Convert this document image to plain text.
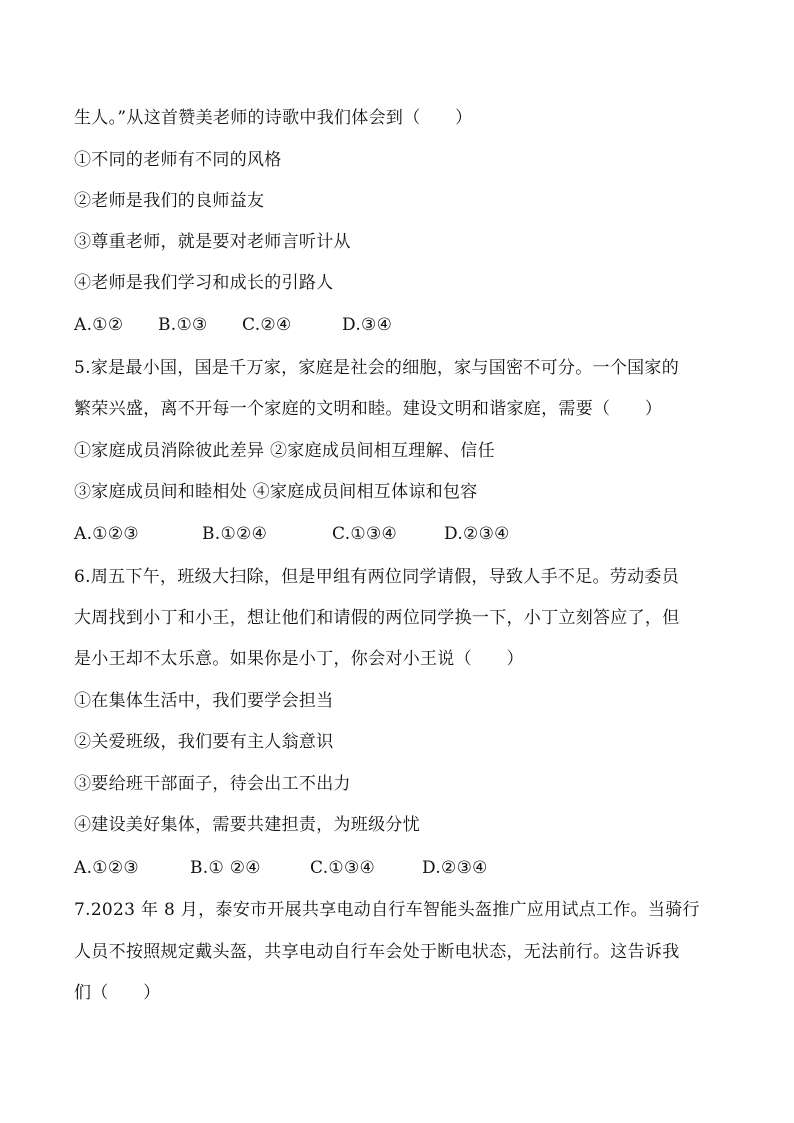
生人。”从这首赞美老师的诗歌中我们体会到（　　）
①不同的老师有不同的风格
②老师是我们的良师益友
③尊重老师，就是要对老师言听计从
④老师是我们学习和成长的引路人
A.①② B.①③ C.②④	D.③④
5.家是最小国，国是千万家，家庭是社会的细胞，家与国密不可分。一个国家的
繁荣兴盛，离不开每一个家庭的文明和睦。建设文明和谐家庭，需要（　　）
①家庭成员消除彼此差异 ②家庭成员间相互理解、信任
③家庭成员间和睦相处 ④家庭成员间相互体谅和包容
A.①②③	B.①②④	C.①③④	D.②③④
6.周五下午，班级大扫除，但是甲组有两位同学请假，导致人手不足。劳动委员
大周找到小丁和小王，想让他们和请假的两位同学换一下，小丁立刻答应了，但
是小王却不太乐意。如果你是小丁，你会对小王说（　　）
①在集体生活中，我们要学会担当
②关爱班级，我们要有主人翁意识
③要给班干部面子，待会出工不出力
④建设美好集体，需要共建担责，为班级分忧
A.①②③	B.① ②④	C.①③④	D.②③④
7.2023 年 8 月，泰安市开展共享电动自行车智能头盔推广应用试点工作。当骑行
人员不按照规定戴头盔，共享电动自行车会处于断电状态，无法前行。这告诉我
们（　　）
